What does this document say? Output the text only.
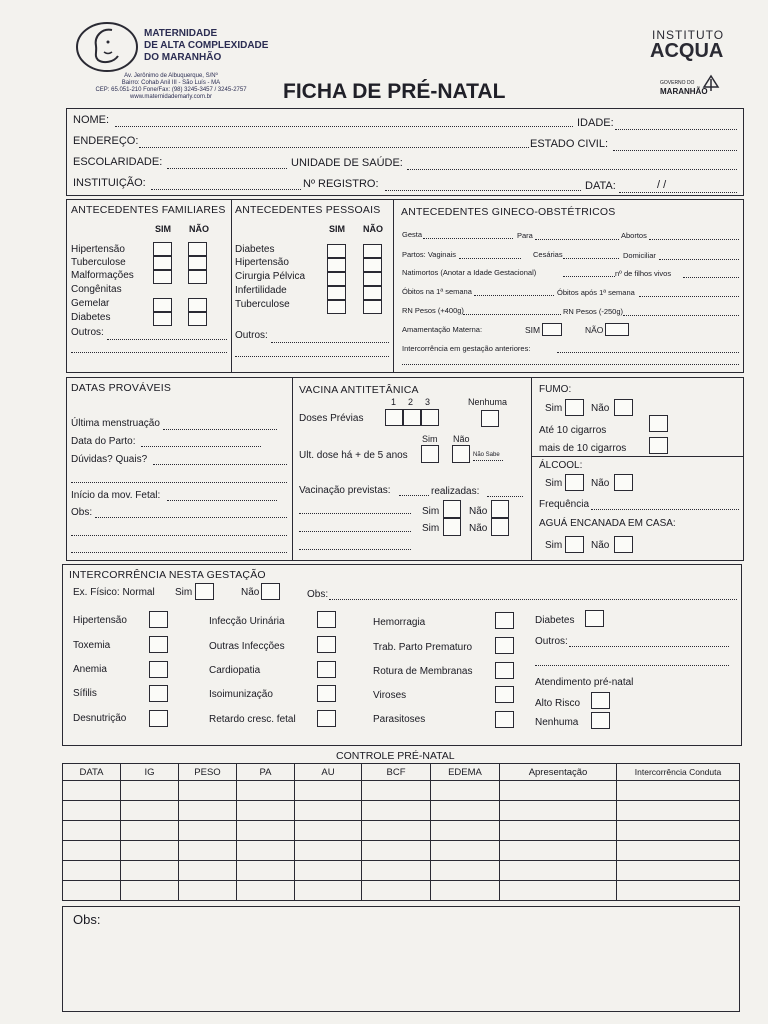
MATERNIDADE
DE ALTA COMPLEXIDADE
DO MARANHÃO
Av. Jerônimo de Albuquerque, S/Nº
Bairro: Cohab Anil III - São Luís - MA
CEP: 65.051-210 Fone/Fax: (98) 3245-3457 / 3245-2757
www.maternidademarly.com.br	FICHA DE PRÉ-NATAL
INSTITUTO
ACQUA
GOVERNO DO
MARANHÃO
NOME:	IDADE:
ENDEREÇO:	ESTADO CIVIL:
ESCOLARIDADE:	UNIDADE DE SAÚDE:
INSTITUIÇÃO:	Nº REGISTRO:	DATA:	/ /
ANTECEDENTES FAMILIARES
SIM NÃO
Hipertensão
Tuberculose
Malformações
Congênitas
Gemelar
Diabetes
Outros:
ANTECEDENTES PESSOAIS
SIM NÃO
Diabetes
Hipertensão
Cirurgia Pélvica
Infertilidade
Tuberculose
Outros:
ANTECEDENTES GINECO-OBSTÉTRICOS
Gesta	Para	Abortos
Partos: Vaginais	Cesárias	Domiciliar
Natimortos (Anotar a Idade Gestacional)	nº de filhos vivos
Óbitos na 1ª semana	Óbitos após 1ª semana
RN Pesos (+400g)	RN Pesos (-250g)
Amamentação Materna:	SIM	NÃO
Intercorrência em gestação anteriores:
DATAS PROVÁVEIS
Última menstruação
Data do Parto:
Dúvidas? Quais?
Início da mov. Fetal:
Obs:
VACINA ANTITETÂNICA
1 2 3	Nenhuma
Doses Prévias
Sim Não
Ult. dose há + de 5 anos	Não Sabe
Vacinação previstas:	realizadas:
Sim
Sim
Não
Não
FUMO:
Sim	Não
Até 10 cigarros
mais de 10 cigarros
ÁLCOOL:
Sim	Não
Frequência
AGUÁ ENCANADA EM CASA:
Sim	Não
INTERCORRÊNCIA NESTA GESTAÇÃO
Ex. Físico: Normal Sim	Não	Obs:
Hipertensão
Toxemia
Anemia
Sífilis
Desnutrição
Infecção Urinária
Outras Infecções
Cardiopatia
Isoimunização
Retardo cresc. fetal
Hemorragia
Trab. Parto Prematuro
Rotura de Membranas
Viroses
Parasitoses
Diabetes
Outros:
Atendimento pré-natal
Alto Risco
Nenhuma
CONTROLE PRÉ-NATAL
DATA	IG	PESO	PA	AU	BCF	EDEMA	Apresentação	Intercorrência Conduta

Obs:
